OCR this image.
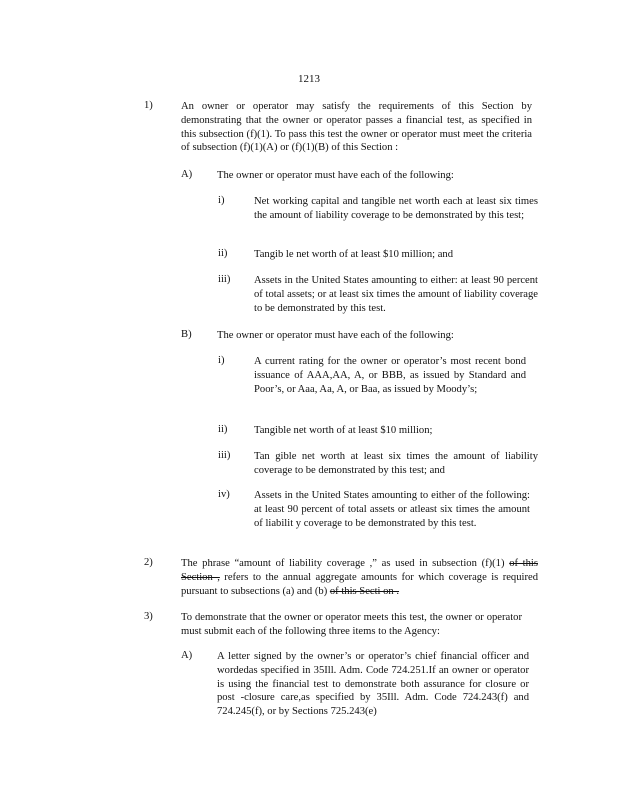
1213
1)	An owner or operator may satisfy the requirements of this Section by demonstrating that the owner or operator passes a financial test, as specified in this subsection (f)(1). To pass this test the owner or operator must meet the criteria of subsection (f)(1)(A) or (f)(1)(B) of this Section :
A) The owner or operator must have each of the following:
i)	Net working capital and tangible net worth each at least six times the amount of liability coverage to be demonstrated by this test;
ii)	Tangib le net worth of at least $10 million; and
iii) Assets in the United States amounting to either: at least 90 percent of total assets; or at least six times the amount of liability coverage to be demonstrated by this test.
B) The owner or operator must have each of the following:
i)	A current rating for the owner or operator’s most recent bond issuance of AAA,AA, A, or BBB, as issued by Standard and Poor’s, or Aaa, Aa, A, or Baa, as issued by Moody’s;
ii)	Tangible net worth of at least $10 million;
iii) Tan gible net worth at least six times the amount of liability coverage to be demonstrated by this test; and
iv) Assets in the United States amounting to either of the following: at least 90 percent of total assets or atleast six times the amount of liabilit y coverage to be demonstrated by this test.
2)	The phrase “amount of liability coverage ,” as used in subsection (f)(1) of this Section , refers to the annual aggregate amounts for which coverage is required pursuant to subsections (a) and (b) of this Secti on .
3)	To demonstrate that the owner or operator meets this test, the owner or operator must submit each of the following three items to the Agency:
A) A letter signed by the owner’s or operator’s chief financial officer and wordedas specified in 35Ill. Adm. Code 724.251.If an owner or operator is using the financial test to demonstrate both assurance for closure or post -closure care,as specified by 35Ill. Adm. Code 724.243(f) and 724.245(f), or by Sections 725.243(e)
